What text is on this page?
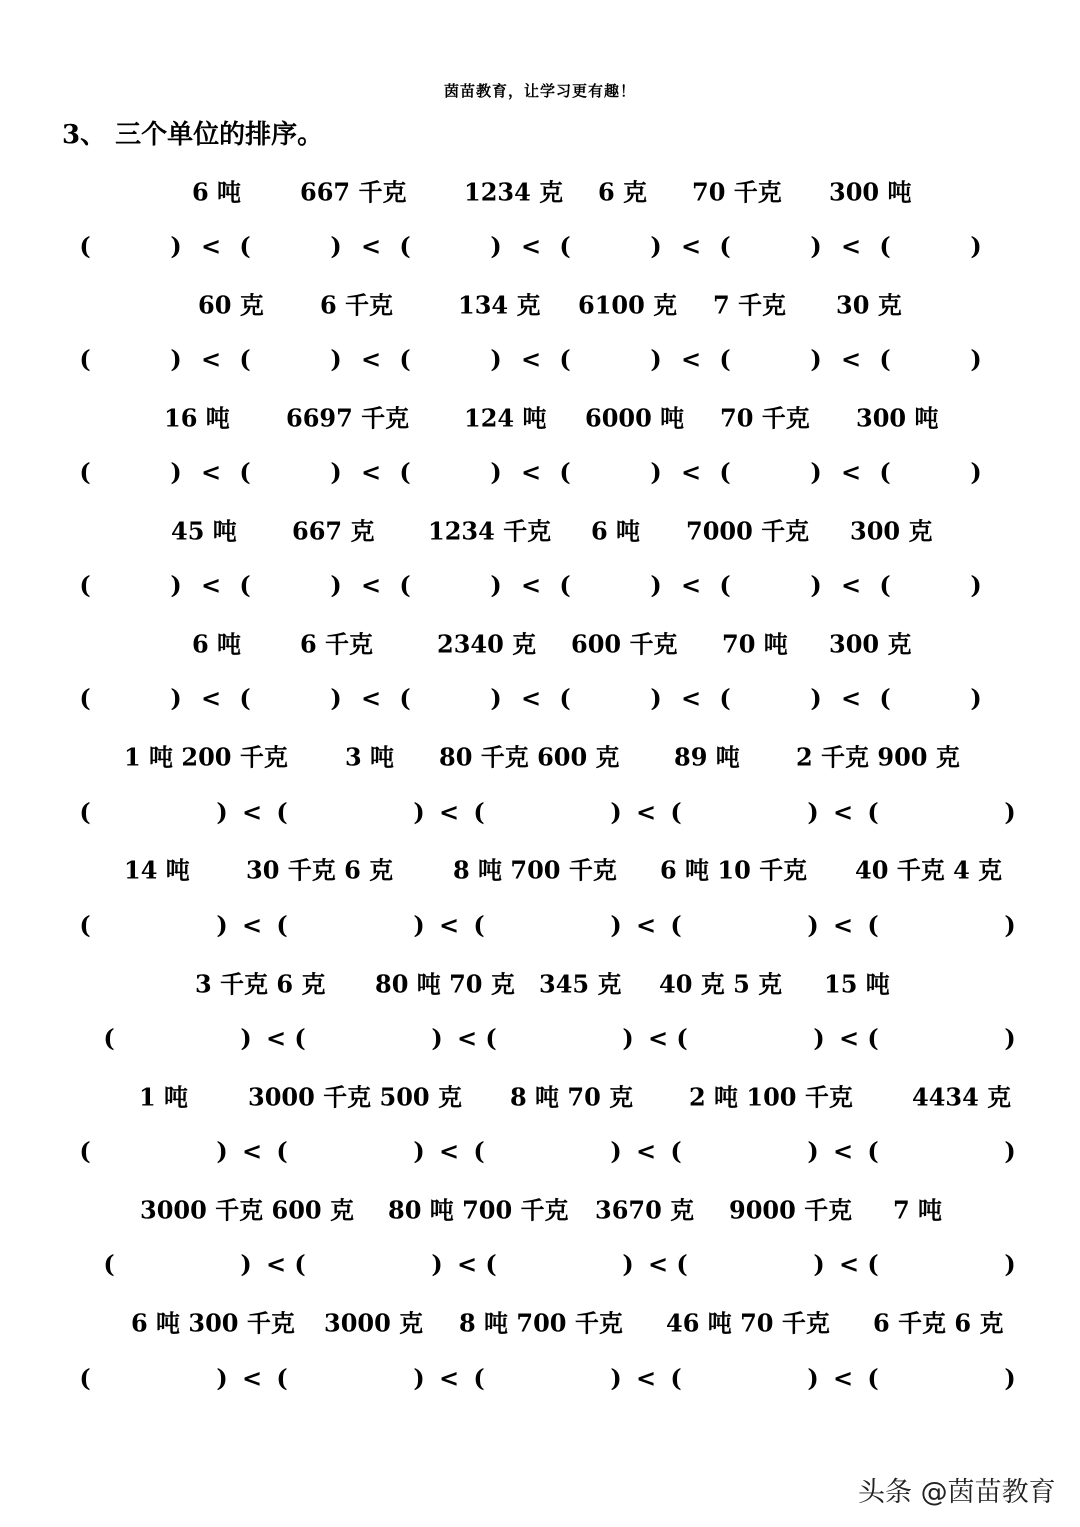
茵苗教育，让学习更有趣！
3、 三个单位的排序。
6 吨 667 千克 1234 克 6 克 70 千克 300 吨
(	) < (	) < (	) < (	) < (	) < (	)
60 克 6 千克	134 克 6100 克 7 千克 30 克
(	) < (	) < (	) < (	) < (	) < (	)
16 吨 6697 千克 124 吨 6000 吨 70 千克 300 吨
(	) < (	) < (	) < (	) < (	) < (	)
45 吨 667 克 1234 千克 6 吨 7000 千克 300 克
(	) < (	) < (	) < (	) < (	) < (	)
6 吨 6 千克	2340 克 600 千克 70 吨 300 克
(	) < (	) < (	) < (	) < (	) < (	)
1 吨 200 千克 3 吨 80 千克 600 克 89 吨 2 千克 900 克
(	) < (	) < (	) < (	) < (	)
14 吨 30 千克 6 克 8 吨 700 千克 6 吨 10 千克 40 千克 4 克
(	) < (	) < (	) < (	) < (	)
3 千克 6 克 80 吨 70 克 345 克 40 克 5 克 15 吨
(	) < (	) < (	) < (	) < (	)
1 吨 3000 千克 500 克 8 吨 70 克 2 吨 100 千克 4434 克
(	) < (	) < (	) < (	) < (	)
3000 千克 600 克 80 吨 700 千克 3670 克 9000 千克 7 吨
(	) < (	) < (	) < (	) < (	)
6 吨 300 千克 3000 克 8 吨 700 千克 46 吨 70 千克 6 千克 6 克
(	) < (	) < (	) < (	) < (	)
头条 @茵苗教育
